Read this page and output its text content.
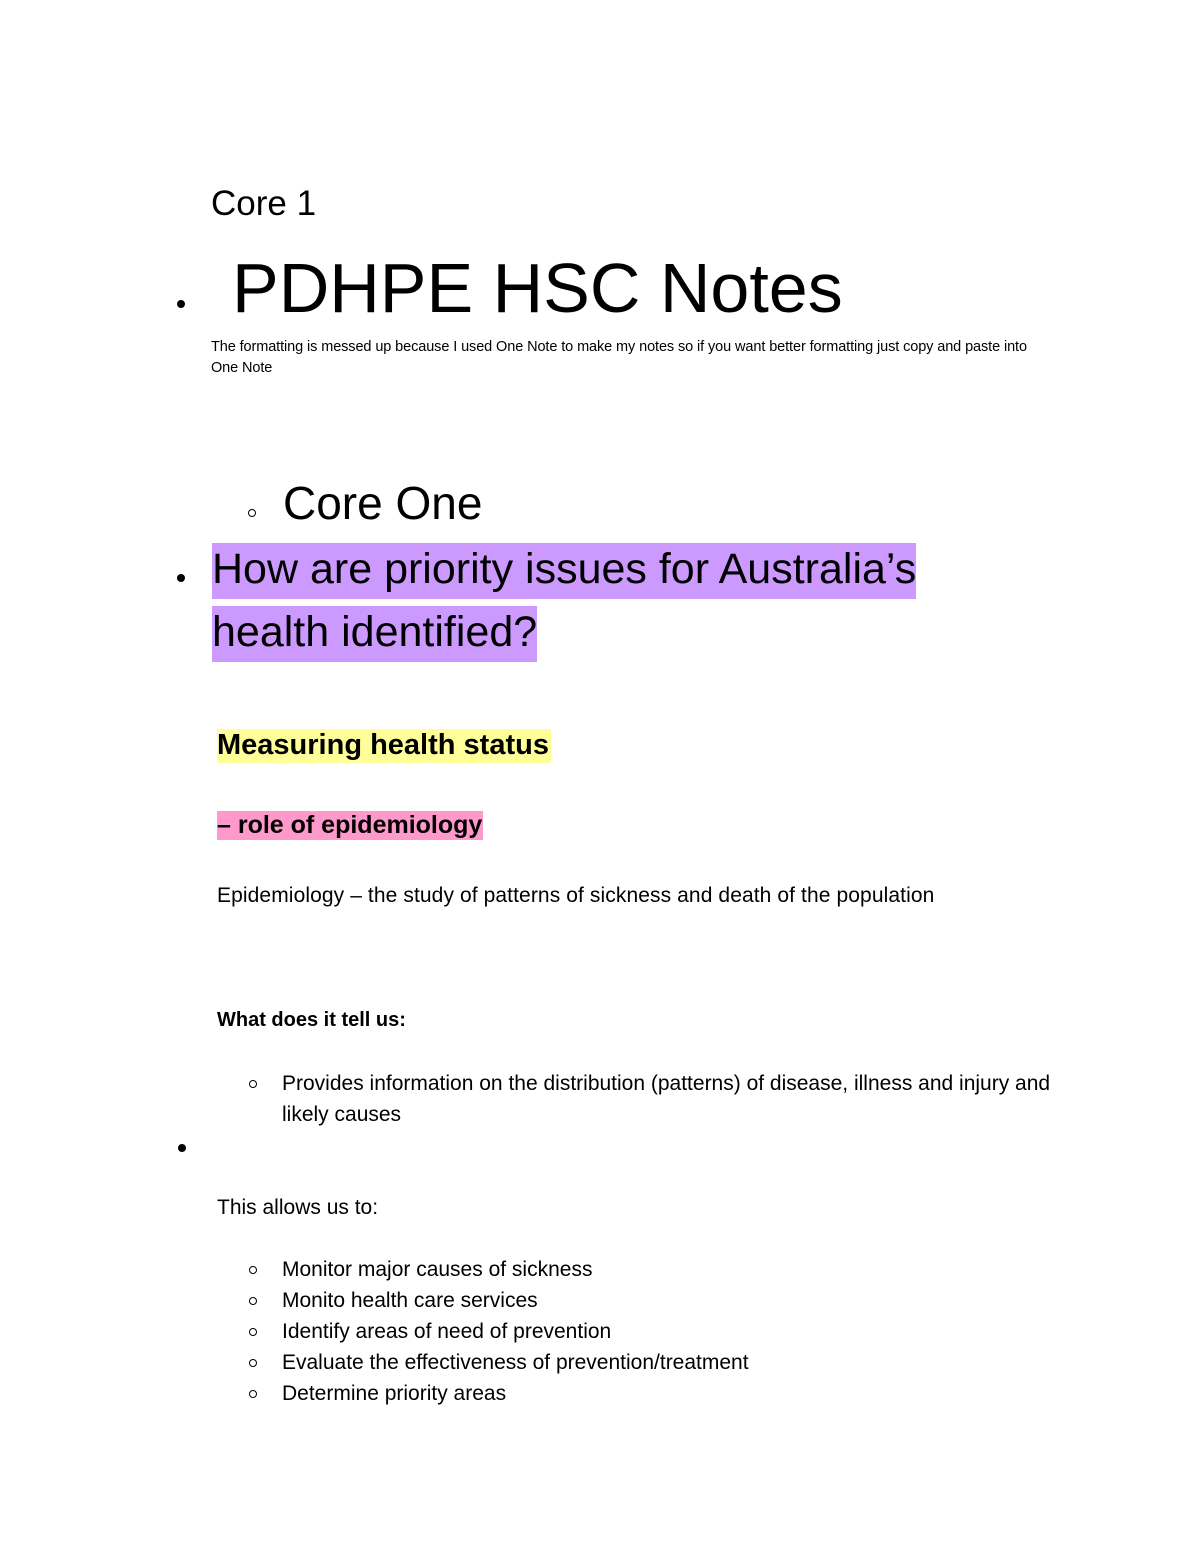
Core 1
PDHPE HSC Notes
The formatting is messed up because I used One Note to make my notes so if you want better formatting just copy and paste into One Note
Core One
How are priority issues for Australia’s health identified?
Measuring health status
– role of epidemiology
Epidemiology – the study of patterns of sickness and death of the population
What does it tell us:
Provides information on the distribution (patterns) of disease, illness and injury and likely causes
This allows us to:
Monitor major causes of sickness
Monito health care services
Identify areas of need of prevention
Evaluate the effectiveness of prevention/treatment
Determine priority areas
